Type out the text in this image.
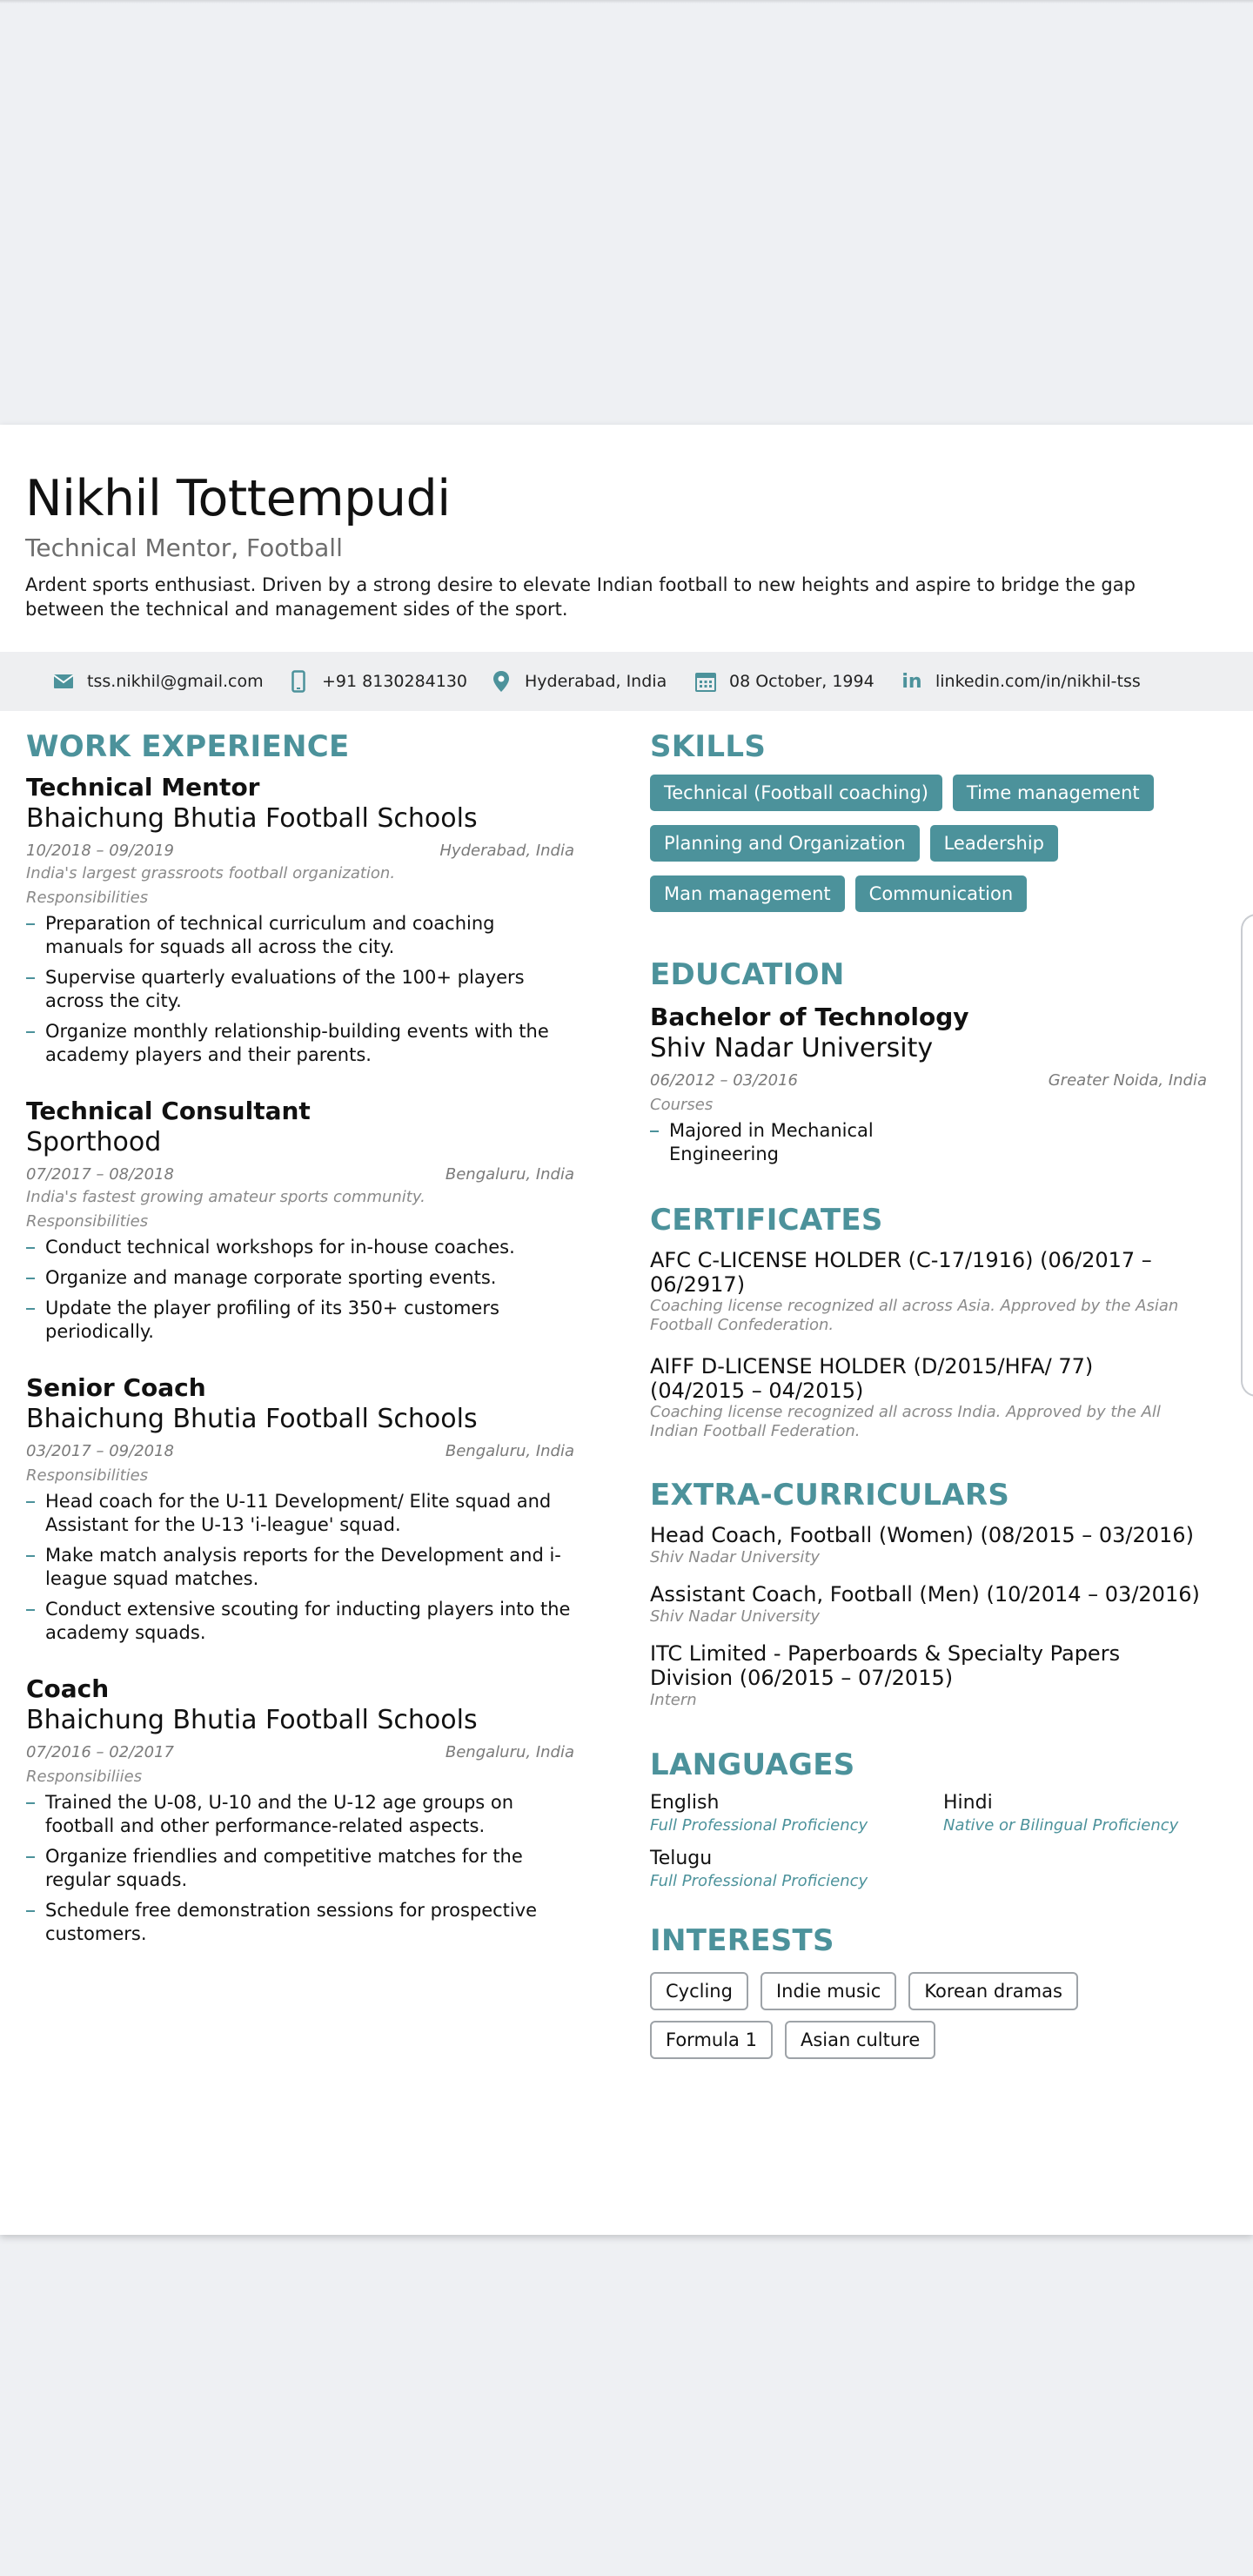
Nikhil Tottempudi
Technical Mentor, Football
Ardent sports enthusiast. Driven by a strong desire to elevate Indian football to new heights and aspire to bridge the gap between the technical and management sides of the sport.
tss.nikhil@gmail.com	+91 8130284130	Hyderabad, India	08 October, 1994 in linkedin.com/in/nikhil-tss
WORK EXPERIENCE
Technical Mentor
Bhaichung Bhutia Football Schools
10/2018 – 09/2019	Hyderabad, India
India's largest grassroots football organization.
Responsibilities
Preparation of technical curriculum and coaching manuals for squads all across the city.
Supervise quarterly evaluations of the 100+ players across the city.
Organize monthly relationship-building events with the academy players and their parents.
Technical Consultant
Sporthood
07/2017 – 08/2018	Bengaluru, India
India's fastest growing amateur sports community.
Responsibilities
Conduct technical workshops for in-house coaches.
Organize and manage corporate sporting events.
Update the player profiling of its 350+ customers periodically.
Senior Coach
Bhaichung Bhutia Football Schools
03/2017 – 09/2018	Bengaluru, India
Responsibilities
Head coach for the U-11 Development/ Elite squad and Assistant for the U-13 'i-league' squad.
Make match analysis reports for the Development and i-league squad matches.
Conduct extensive scouting for inducting players into the academy squads.
Coach
Bhaichung Bhutia Football Schools
07/2016 – 02/2017	Bengaluru, India
Responsibiliies
Trained the U-08, U-10 and the U-12 age groups on football and other performance-related aspects.
Organize friendlies and competitive matches for the regular squads.
Schedule free demonstration sessions for prospective customers.
SKILLS
Technical (Football coaching)	Time management
Planning and Organization	Leadership
Man management	Communication
EDUCATION
Bachelor of Technology
Shiv Nadar University
06/2012 – 03/2016	Greater Noida, India
Courses
Majored in Mechanical Engineering
CERTIFICATES
AFC C-LICENSE HOLDER (C-17/1916) (06/2017 – 06/2917)
Coaching license recognized all across Asia. Approved by the Asian Football Confederation.
AIFF D-LICENSE HOLDER (D/2015/HFA/ 77) (04/2015 – 04/2015)
Coaching license recognized all across India. Approved by the All Indian Football Federation.
EXTRA-CURRICULARS
Head Coach, Football (Women) (08/2015 – 03/2016)
Shiv Nadar University
Assistant Coach, Football (Men) (10/2014 – 03/2016)
Shiv Nadar University
ITC Limited - Paperboards & Specialty Papers Division (06/2015 – 07/2015)
Intern
LANGUAGES
English
Full Professional Proficiency
Hindi
Native or Bilingual Proficiency
Telugu
Full Professional Proficiency
INTERESTS
Cycling	Indie music	Korean dramas
Formula 1	Asian culture
